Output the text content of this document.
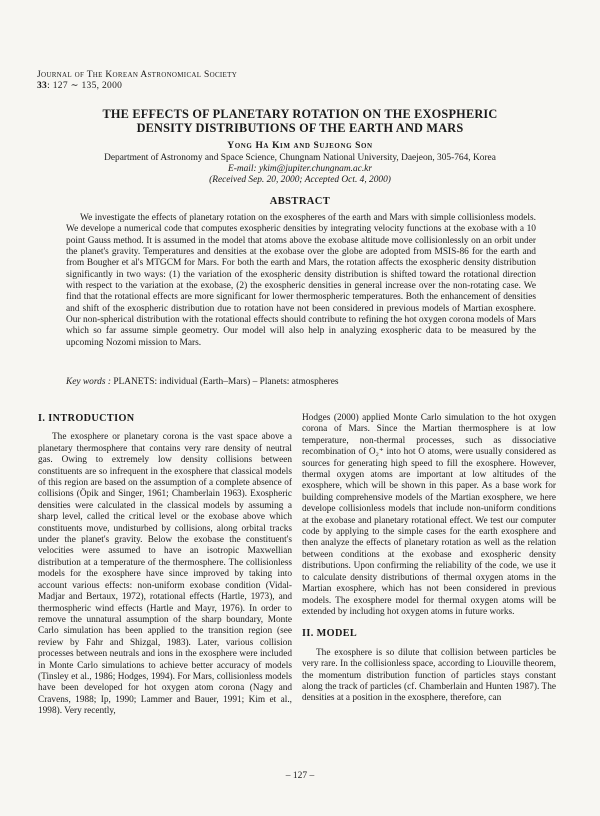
Journal of The Korean Astronomical Society
33: 127 ∼ 135, 2000
THE EFFECTS OF PLANETARY ROTATION ON THE EXOSPHERIC
DENSITY DISTRIBUTIONS OF THE EARTH AND MARS
Yong Ha Kim and Sujeong Son
Department of Astronomy and Space Science, Chungnam National University, Daejeon, 305-764, Korea
E-mail: ykim@jupiter.chungnam.ac.kr
(Received Sep. 20, 2000; Accepted Oct. 4, 2000)
ABSTRACT

We investigate the effects of planetary rotation on the exospheres of the earth and Mars with simple collisionless models. We develope a numerical code that computes exospheric densities by integrating velocity functions at the exobase with a 10 point Gauss method. It is assumed in the model that atoms above the exobase altitude move collisionlessly on an orbit under the planet's gravity. Temperatures and densities at the exobase over the globe are adopted from MSIS-86 for the earth and from Bougher et al's MTGCM for Mars. For both the earth and Mars, the rotation affects the exospheric density distribution significantly in two ways: (1) the variation of the exospheric density distribution is shifted toward the rotational direction with respect to the variation at the exobase, (2) the exospheric densities in general increase over the non-rotating case. We find that the rotational effects are more significant for lower thermospheric temperatures. Both the enhancement of densities and shift of the exospheric distribution due to rotation have not been considered in previous models of Martian exosphere. Our non-spherical distribution with the rotational effects should contribute to refining the hot oxygen corona models of Mars which so far assume simple geometry. Our model will also help in analyzing exospheric data to be measured by the upcoming Nozomi mission to Mars.

Key words : PLANETS: individual (Earth–Mars) – Planets: atmospheres
I. INTRODUCTION

The exosphere or planetary corona is the vast space above a planetary thermosphere that contains very rare density of neutral gas. Owing to extremely low density collisions between constituents are so infrequent in the exosphere that classical models of this region are based on the assumption of a complete absence of collisions (Öpik and Singer, 1961; Chamberlain 1963). Exospheric densities were calculated in the classical models by assuming a sharp level, called the critical level or the exobase above which constituents move, undisturbed by collisions, along orbital tracks under the planet's gravity. Below the exobase the constituent's velocities were assumed to have an isotropic Maxwellian distribution at a temperature of the thermosphere. The collisionless models for the exosphere have since improved by taking into account various effects: non-uniform exobase condition (Vidal-Madjar and Bertaux, 1972), rotational effects (Hartle, 1973), and thermospheric wind effects (Hartle and Mayr, 1976). In order to remove the unnatural assumption of the sharp boundary, Monte Carlo simulation has been applied to the transition region (see review by Fahr and Shizgal, 1983). Later, various collision processes between neutrals and ions in the exosphere were included in Monte Carlo simulations to achieve better accuracy of models (Tinsley et al., 1986; Hodges, 1994). For Mars, collisionless models have been developed for hot oxygen atom corona (Nagy and Cravens, 1988; Ip, 1990; Lammer and Bauer, 1991; Kim et al., 1998). Very recently,

Hodges (2000) applied Monte Carlo simulation to the hot oxygen corona of Mars. Since the Martian thermosphere is at low temperature, non-thermal processes, such as dissociative recombination of O₂⁺ into hot O atoms, were usually considered as sources for generating high speed to fill the exosphere. However, thermal oxygen atoms are important at low altitudes of the exosphere, which will be shown in this paper. As a base work for building comprehensive models of the Martian exosphere, we here develope collisionless models that include non-uniform conditions at the exobase and planetary rotational effect. We test our computer code by applying to the simple cases for the earth exosphere and then analyze the effects of planetary rotation as well as the relation between conditions at the exobase and exospheric density distributions. Upon confirming the reliability of the code, we use it to calculate density distributions of thermal oxygen atoms in the Martian exosphere, which has not been considered in previous models. The exosphere model for thermal oxygen atoms will be extended by including hot oxygen atoms in future works.

II. MODEL

The exosphere is so dilute that collision between particles be very rare. In the collisionless space, according to Liouville theorem, the momentum distribution function of particles stays constant along the track of particles (cf. Chamberlain and Hunten 1987). The densities at a position in the exosphere, therefore, can

– 127 –
